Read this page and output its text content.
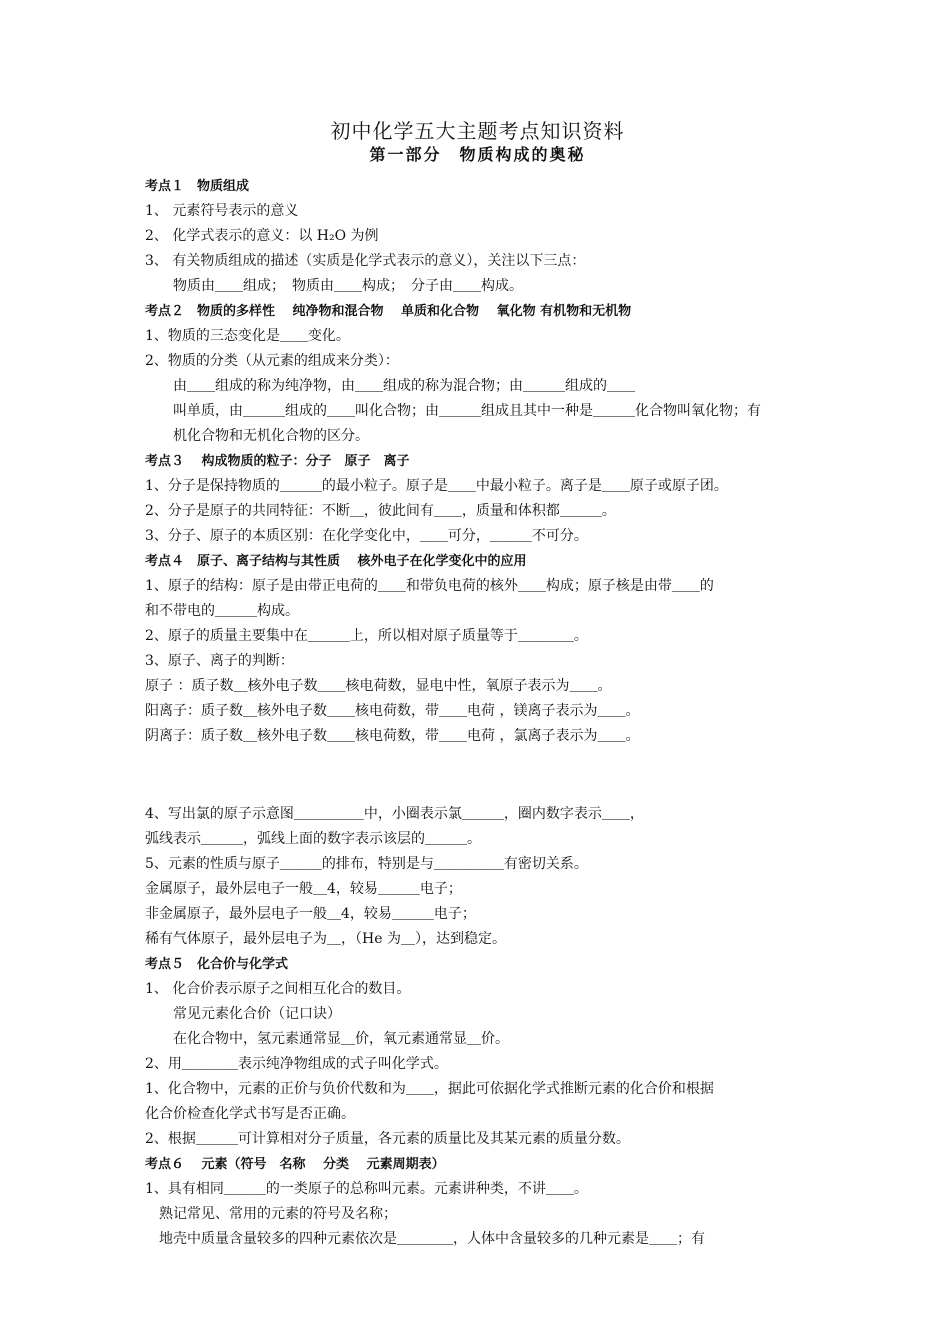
初中化学五大主题考点知识资料
第一部分　物质构成的奥秘

考点１　物质组成

1、 元素符号表示的意义

2、 化学式表示的意义：以 H₂O 为例

3、 有关物质组成的描述（实质是化学式表示的意义），关注以下三点：

物质由＿＿组成；　物质由＿＿构成；　分子由＿＿构成。

考点２　物质的多样性　 纯净物和混合物　 单质和化合物　 氧化物 有机物和无机物

1、物质的三态变化是＿＿变化。

2、物质的分类（从元素的组成来分类）：

由＿＿组成的称为纯净物，由＿＿组成的称为混合物；由＿＿＿组成的＿＿

叫单质，由＿＿＿组成的＿＿叫化合物；由＿＿＿组成且其中一种是＿＿＿化合物叫氧化物；有

机化合物和无机化合物的区分。

考点３　 构成物质的粒子：分子　原子　离子

1、分子是保持物质的＿＿＿的最小粒子。原子是＿＿中最小粒子。离子是＿＿原子或原子团。

2、分子是原子的共同特征：不断＿，彼此间有＿＿，质量和体积都＿＿＿。

3、分子、原子的本质区别：在化学变化中，＿＿可分，＿＿＿不可分。

考点４　原子、离子结构与其性质　 核外电子在化学变化中的应用

1、原子的结构：原子是由带正电荷的＿＿和带负电荷的核外＿＿构成；原子核是由带＿＿的

和不带电的＿＿＿构成。

2、原子的质量主要集中在＿＿＿上，所以相对原子质量等于＿＿＿＿。

3、原子、离子的判断：

原子 ：质子数＿核外电子数＿＿核电荷数，显电中性，氧原子表示为＿＿。

阳离子：质子数＿核外电子数＿＿核电荷数，带＿＿电荷 ，镁离子表示为＿＿。

阴离子：质子数＿核外电子数＿＿核电荷数，带＿＿电荷 ，氯离子表示为＿＿。

4、写出氯的原子示意图＿＿＿＿＿中，小圈表示氯＿＿＿，圈内数字表示＿＿，

弧线表示＿＿＿，弧线上面的数字表示该层的＿＿＿。

5、元素的性质与原子＿＿＿的排布，特别是与＿＿＿＿＿有密切关系。

金属原子，最外层电子一般＿4，较易＿＿＿电子；

非金属原子，最外层电子一般＿4，较易＿＿＿电子；

稀有气体原子，最外层电子为＿，（He 为＿），达到稳定。

考点５　化合价与化学式

1、 化合价表示原子之间相互化合的数目。

常见元素化合价（记口诀）

在化合物中，氢元素通常显＿价，氧元素通常显＿价。

2、用＿＿＿＿表示纯净物组成的式子叫化学式。

1、化合物中，元素的正价与负价代数和为＿＿，据此可依据化学式推断元素的化合价和根据

化合价检查化学式书写是否正确。

2、根据＿＿＿可计算相对分子质量，各元素的质量比及其某元素的质量分数。

考点６　 元素（符号　名称　 分类　 元素周期表）

1、具有相同＿＿＿的一类原子的总称叫元素。元素讲种类，不讲＿＿。

熟记常见、常用的元素的符号及名称；

地壳中质量含量较多的四种元素依次是＿＿＿＿，人体中含量较多的几种元素是＿＿；有
